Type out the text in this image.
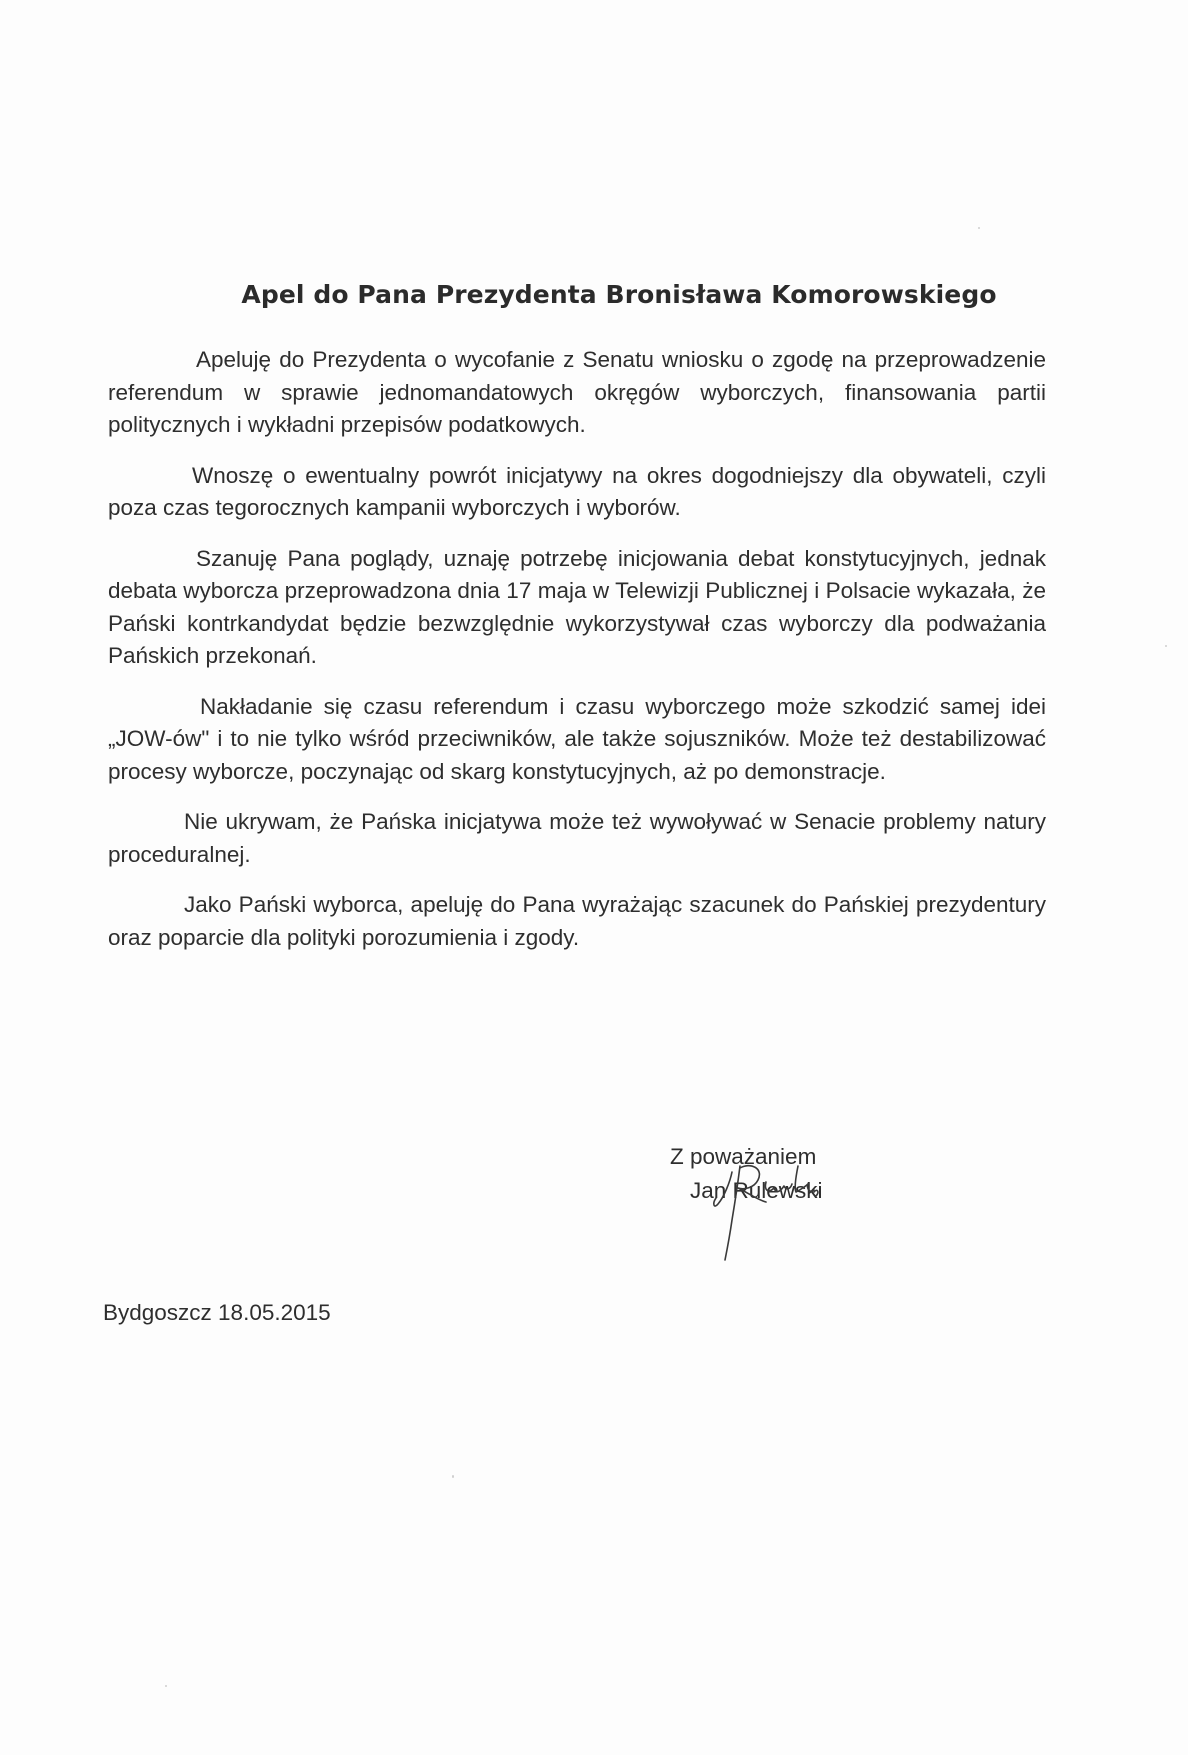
Apel do Pana Prezydenta Bronisława Komorowskiego

Apeluję do Prezydenta o wycofanie z Senatu wniosku o zgodę na przeprowadzenie referendum w sprawie jednomandatowych okręgów wyborczych, finansowania partii politycznych i wykładni przepisów podatkowych.

Wnoszę o ewentualny powrót inicjatywy na okres dogodniejszy dla obywateli, czyli poza czas tegorocznych kampanii wyborczych i wyborów.

Szanuję Pana poglądy, uznaję potrzebę inicjowania debat konstytucyjnych, jednak debata wyborcza przeprowadzona dnia 17 maja w Telewizji Publicznej i Polsacie wykazała, że Pański kontrkandydat będzie bezwzględnie wykorzystywał czas wyborczy dla podważania Pańskich przekonań.

Nakładanie się czasu referendum i czasu wyborczego może szkodzić samej idei „JOW-ów" i to nie tylko wśród przeciwników, ale także sojuszników. Może też destabilizować procesy wyborcze, poczynając od skarg konstytucyjnych, aż po demonstracje.

Nie ukrywam, że Pańska inicjatywa może też wywoływać w Senacie problemy natury proceduralnej.

Jako Pański wyborca, apeluję do Pana wyrażając szacunek do Pańskiej prezydentury oraz poparcie dla polityki porozumienia i zgody.

Z poważaniem
Jan Rulewski
Bydgoszcz 18.05.2015
